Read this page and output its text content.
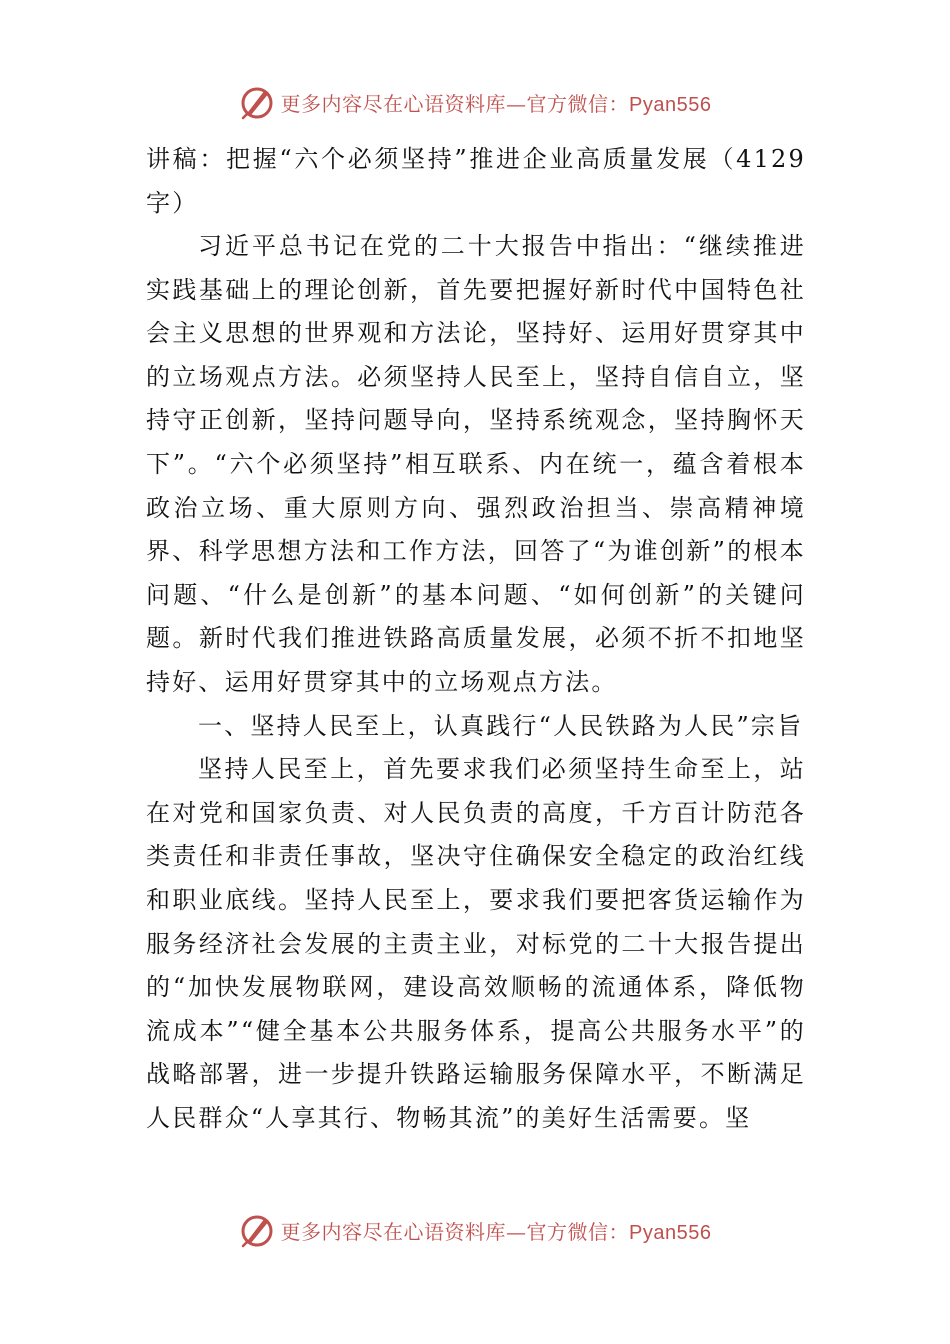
更多内容尽在心语资料库—官方微信：Pyan556

讲稿：把握“六个必须坚持”推进企业高质量发展（4129字）

习近平总书记在党的二十大报告中指出：“继续推进实践基础上的理论创新，首先要把握好新时代中国特色社会主义思想的世界观和方法论，坚持好、运用好贯穿其中的立场观点方法。必须坚持人民至上，坚持自信自立，坚持守正创新，坚持问题导向，坚持系统观念，坚持胸怀天下”。“六个必须坚持”相互联系、内在统一，蕴含着根本政治立场、重大原则方向、强烈政治担当、崇高精神境界、科学思想方法和工作方法，回答了“为谁创新”的根本问题、“什么是创新”的基本问题、“如何创新”的关键问题。新时代我们推进铁路高质量发展，必须不折不扣地坚持好、运用好贯穿其中的立场观点方法。

一、坚持人民至上，认真践行“人民铁路为人民”宗旨

坚持人民至上，首先要求我们必须坚持生命至上，站在对党和国家负责、对人民负责的高度，千方百计防范各类责任和非责任事故，坚决守住确保安全稳定的政治红线和职业底线。坚持人民至上，要求我们要把客货运输作为服务经济社会发展的主责主业，对标党的二十大报告提出的“加快发展物联网，建设高效顺畅的流通体系，降低物流成本”“健全基本公共服务体系，提高公共服务水平”的战略部署，进一步提升铁路运输服务保障水平，不断满足人民群众“人享其行、物畅其流”的美好生活需要。坚

更多内容尽在心语资料库—官方微信：Pyan556
